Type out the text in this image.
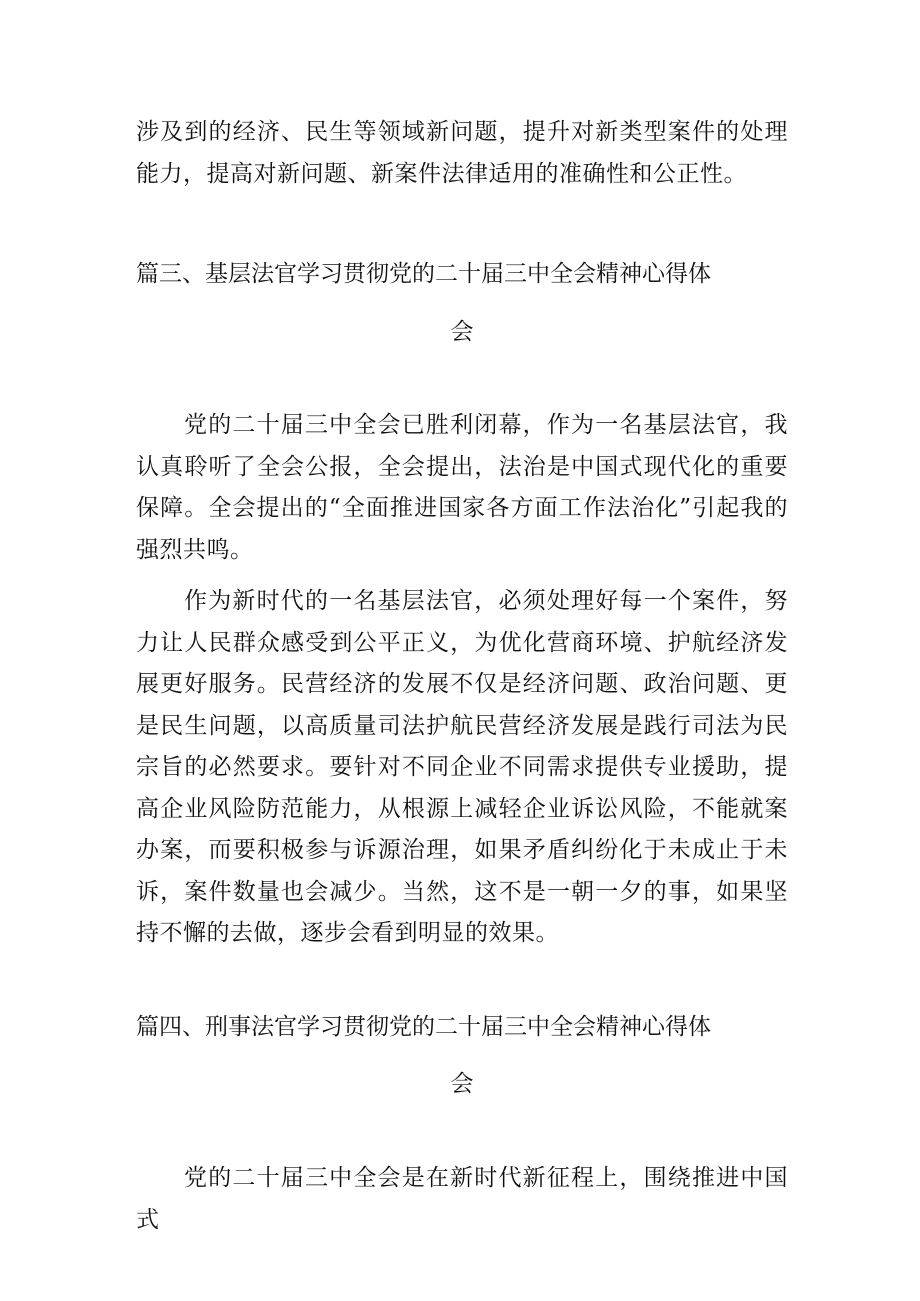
涉及到的经济、民生等领域新问题，提升对新类型案件的处理能力，提高对新问题、新案件法律适用的准确性和公正性。

篇三、基层法官学习贯彻党的二十届三中全会精神心得体

会

党的二十届三中全会已胜利闭幕，作为一名基层法官，我认真聆听了全会公报，全会提出，法治是中国式现代化的重要保障。全会提出的“全面推进国家各方面工作法治化”引起我的强烈共鸣。

作为新时代的一名基层法官，必须处理好每一个案件，努力让人民群众感受到公平正义，为优化营商环境、护航经济发展更好服务。民营经济的发展不仅是经济问题、政治问题、更是民生问题，以高质量司法护航民营经济发展是践行司法为民宗旨的必然要求。要针对不同企业不同需求提供专业援助，提高企业风险防范能力，从根源上减轻企业诉讼风险，不能就案办案，而要积极参与诉源治理，如果矛盾纠纷化于未成止于未诉，案件数量也会减少。当然，这不是一朝一夕的事，如果坚持不懈的去做，逐步会看到明显的效果。

篇四、刑事法官学习贯彻党的二十届三中全会精神心得体

会

党的二十届三中全会是在新时代新征程上，围绕推进中国式
